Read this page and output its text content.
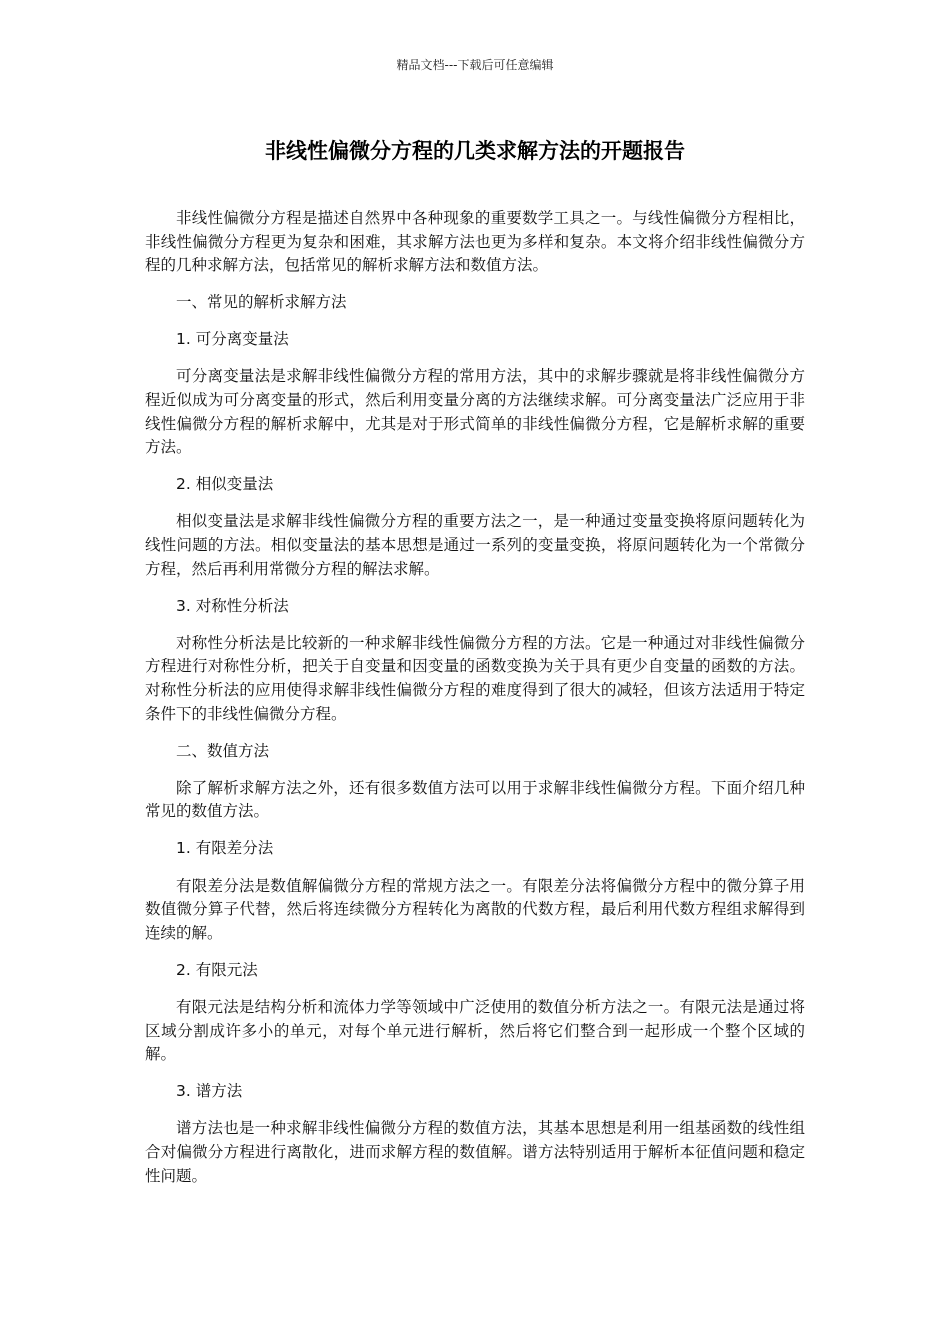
精品文档---下载后可任意编辑
非线性偏微分方程的几类求解方法的开题报告

非线性偏微分方程是描述自然界中各种现象的重要数学工具之一。与线性偏微分方程相比，非线性偏微分方程更为复杂和困难，其求解方法也更为多样和复杂。本文将介绍非线性偏微分方程的几种求解方法，包括常见的解析求解方法和数值方法。

一、常见的解析求解方法

1. 可分离变量法

可分离变量法是求解非线性偏微分方程的常用方法，其中的求解步骤就是将非线性偏微分方程近似成为可分离变量的形式，然后利用变量分离的方法继续求解。可分离变量法广泛应用于非线性偏微分方程的解析求解中，尤其是对于形式简单的非线性偏微分方程，它是解析求解的重要方法。

2. 相似变量法

相似变量法是求解非线性偏微分方程的重要方法之一，是一种通过变量变换将原问题转化为线性问题的方法。相似变量法的基本思想是通过一系列的变量变换，将原问题转化为一个常微分方程，然后再利用常微分方程的解法求解。

3. 对称性分析法

对称性分析法是比较新的一种求解非线性偏微分方程的方法。它是一种通过对非线性偏微分方程进行对称性分析，把关于自变量和因变量的函数变换为关于具有更少自变量的函数的方法。对称性分析法的应用使得求解非线性偏微分方程的难度得到了很大的减轻，但该方法适用于特定条件下的非线性偏微分方程。

二、数值方法

除了解析求解方法之外，还有很多数值方法可以用于求解非线性偏微分方程。下面介绍几种常见的数值方法。

1. 有限差分法

有限差分法是数值解偏微分方程的常规方法之一。有限差分法将偏微分方程中的微分算子用数值微分算子代替，然后将连续微分方程转化为离散的代数方程，最后利用代数方程组求解得到连续的解。

2. 有限元法

有限元法是结构分析和流体力学等领域中广泛使用的数值分析方法之一。有限元法是通过将区域分割成许多小的单元，对每个单元进行解析，然后将它们整合到一起形成一个整个区域的解。

3. 谱方法

谱方法也是一种求解非线性偏微分方程的数值方法，其基本思想是利用一组基函数的线性组合对偏微分方程进行离散化，进而求解方程的数值解。谱方法特别适用于解析本征值问题和稳定性问题。
